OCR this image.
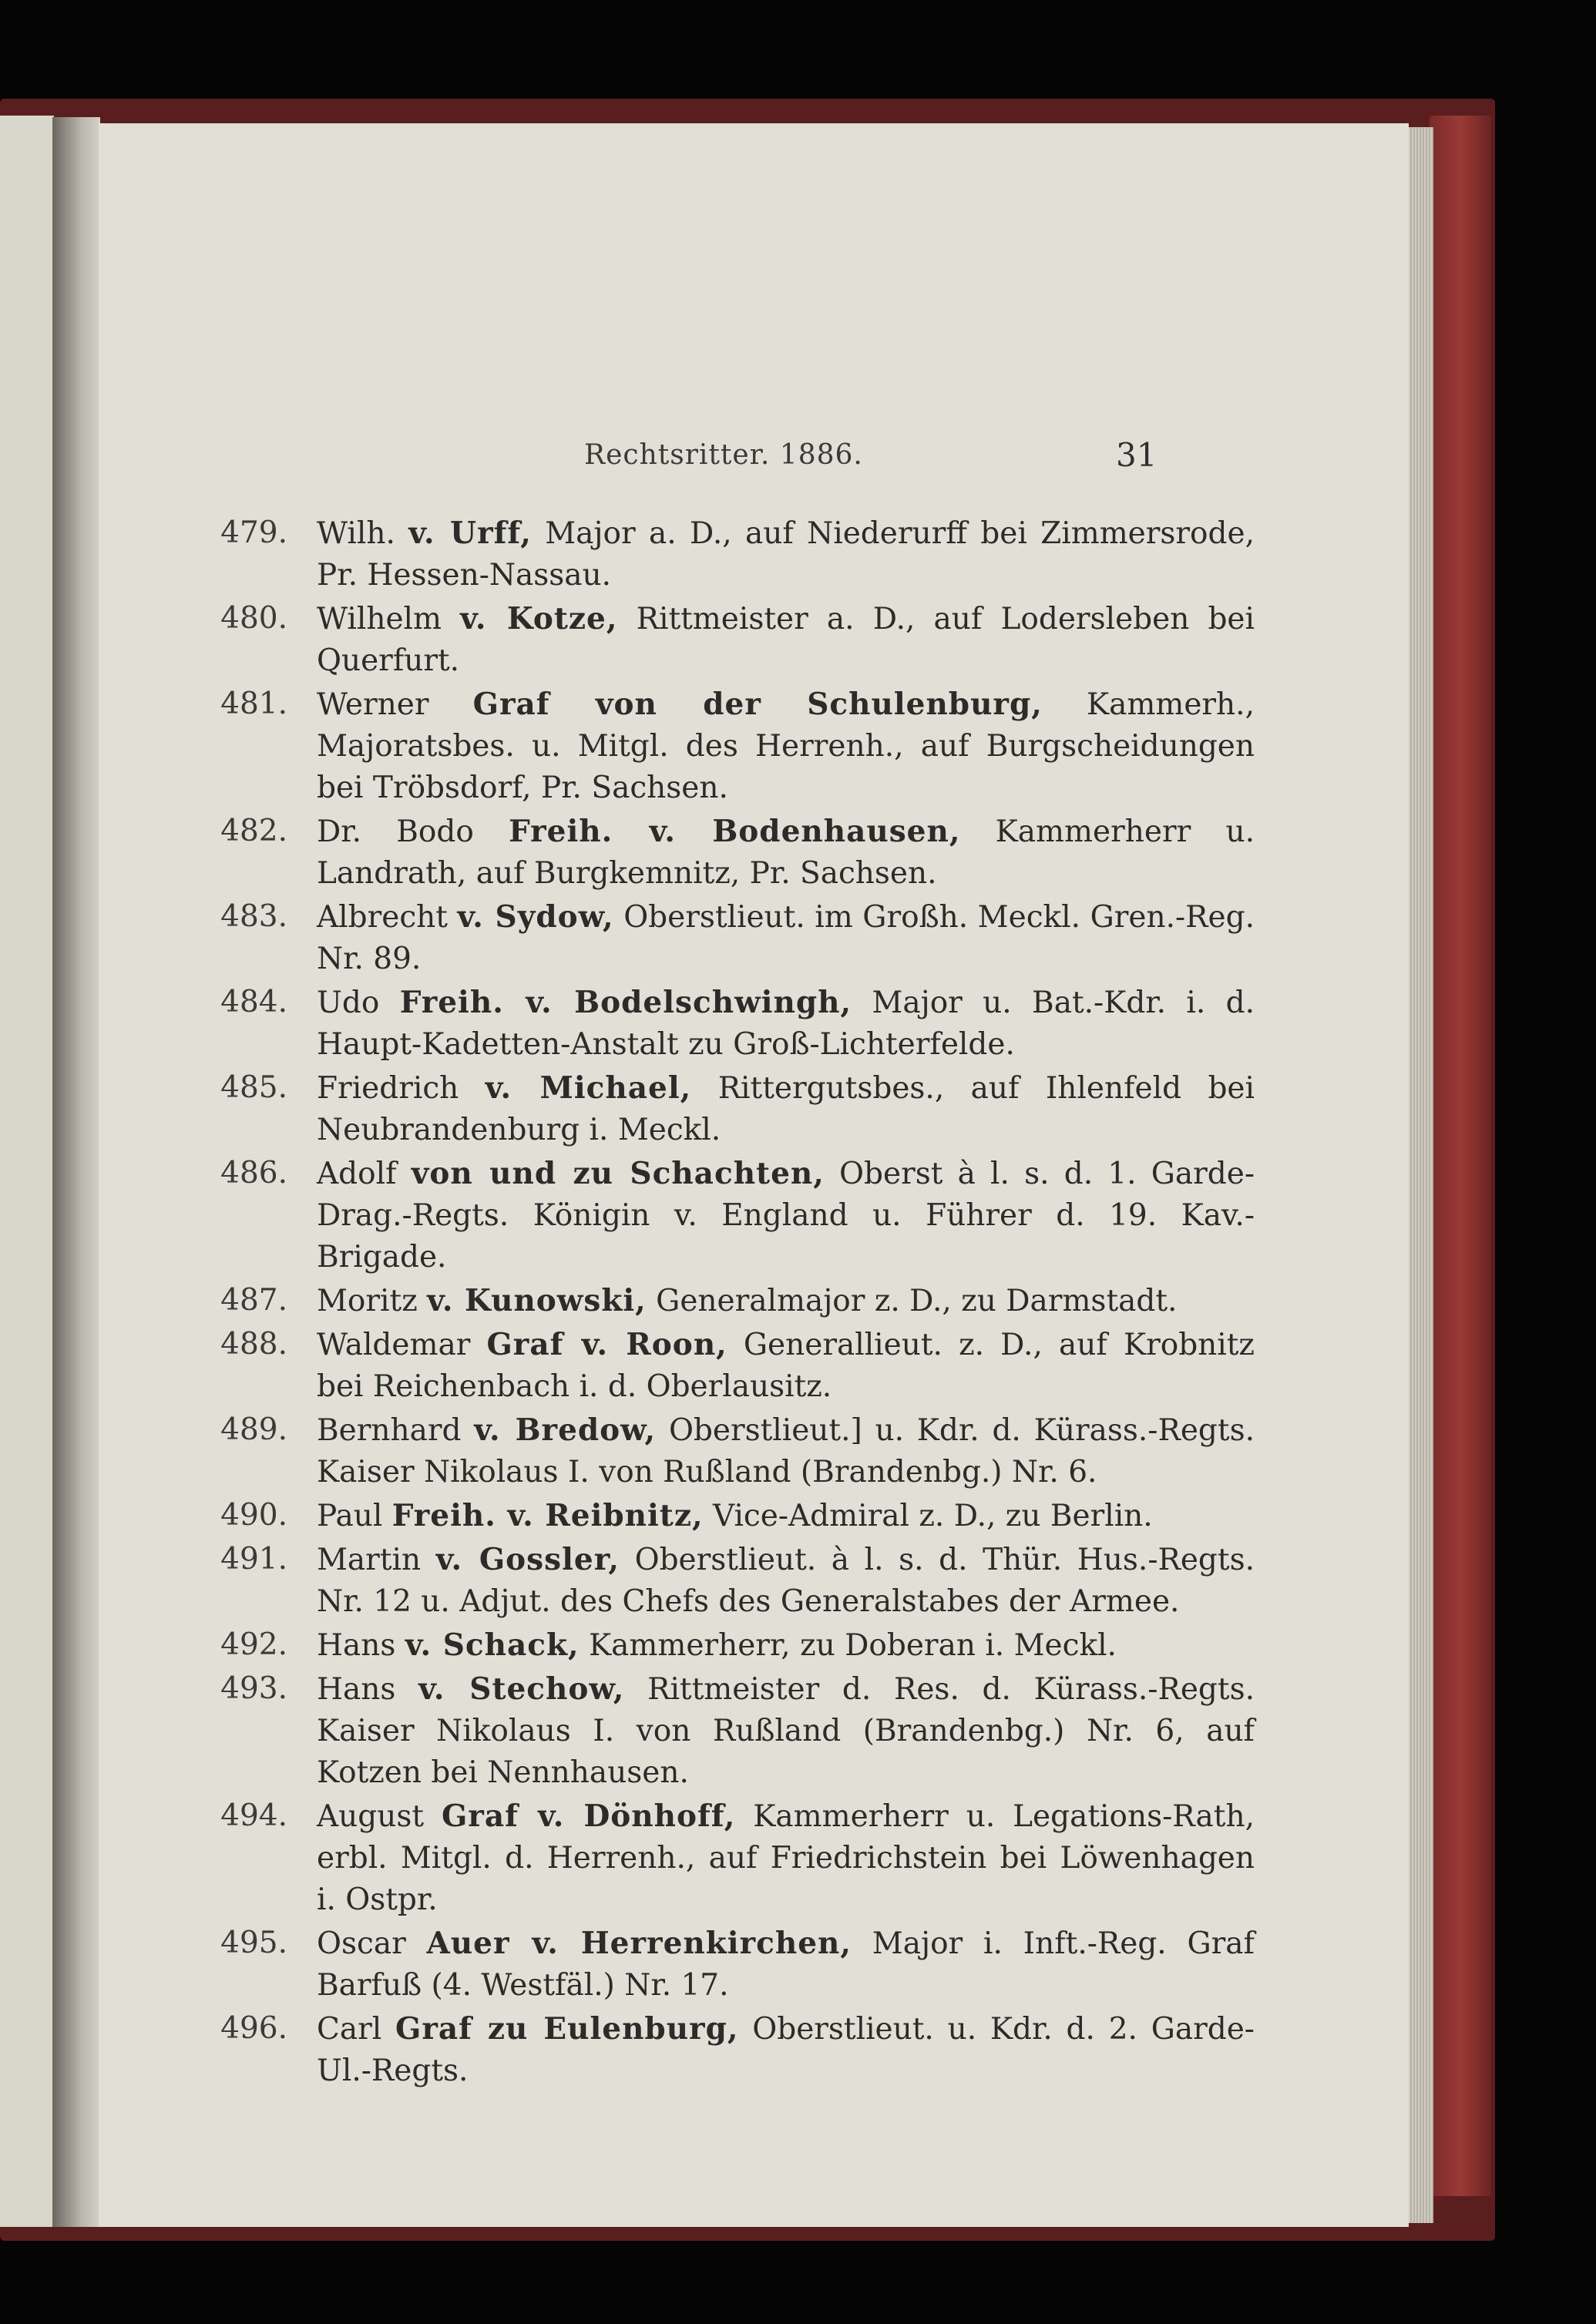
Rechtsritter. 1886.	31
479. Wilh. v. Urff, Major a. D., auf Niederurff bei Zimmersrode, Pr. Hessen-Nassau.
480. Wilhelm v. Kotze, Rittmeister a. D., auf Lodersleben bei Querfurt.
481. Werner Graf von der Schulenburg, Kammerh., Majoratsbes. u. Mitgl. des Herrenh., auf Burgscheidungen bei Tröbsdorf, Pr. Sachsen.
482. Dr. Bodo Freih. v. Bodenhausen, Kammerherr u. Landrath, auf Burgkemnitz, Pr. Sachsen.
483. Albrecht v. Sydow, Oberstlieut. im Großh. Meckl. Gren.-Reg. Nr. 89.
484. Udo Freih. v. Bodelschwingh, Major u. Bat.-Kdr. i. d. Haupt-Kadetten-Anstalt zu Groß-Lichterfelde.
485. Friedrich v. Michael, Rittergutsbes., auf Ihlenfeld bei Neubrandenburg i. Meckl.
486. Adolf von und zu Schachten, Oberst à l. s. d. 1. Garde-Drag.-Regts. Königin v. England u. Führer d. 19. Kav.-Brigade.
487. Moritz v. Kunowski, Generalmajor z. D., zu Darmstadt.
488. Waldemar Graf v. Roon, Generallieut. z. D., auf Krobnitz bei Reichenbach i. d. Oberlausitz.
489. Bernhard v. Bredow, Oberstlieut.] u. Kdr. d. Kürass.-Regts. Kaiser Nikolaus I. von Rußland (Brandenbg.) Nr. 6.
490. Paul Freih. v. Reibnitz, Vice-Admiral z. D., zu Berlin.
491. Martin v. Gossler, Oberstlieut. à l. s. d. Thür. Hus.-Regts. Nr. 12 u. Adjut. des Chefs des Generalstabes der Armee.
492. Hans v. Schack, Kammerherr, zu Doberan i. Meckl.
493. Hans v. Stechow, Rittmeister d. Res. d. Kürass.-Regts. Kaiser Nikolaus I. von Rußland (Brandenbg.) Nr. 6, auf Kotzen bei Nennhausen.
494. August Graf v. Dönhoff, Kammerherr u. Legations-Rath, erbl. Mitgl. d. Herrenh., auf Friedrichstein bei Löwenhagen i. Ostpr.
495. Oscar Auer v. Herrenkirchen, Major i. Inft.-Reg. Graf Barfuß (4. Westfäl.) Nr. 17.
496. Carl Graf zu Eulenburg, Oberstlieut. u. Kdr. d. 2. Garde-Ul.-Regts.
